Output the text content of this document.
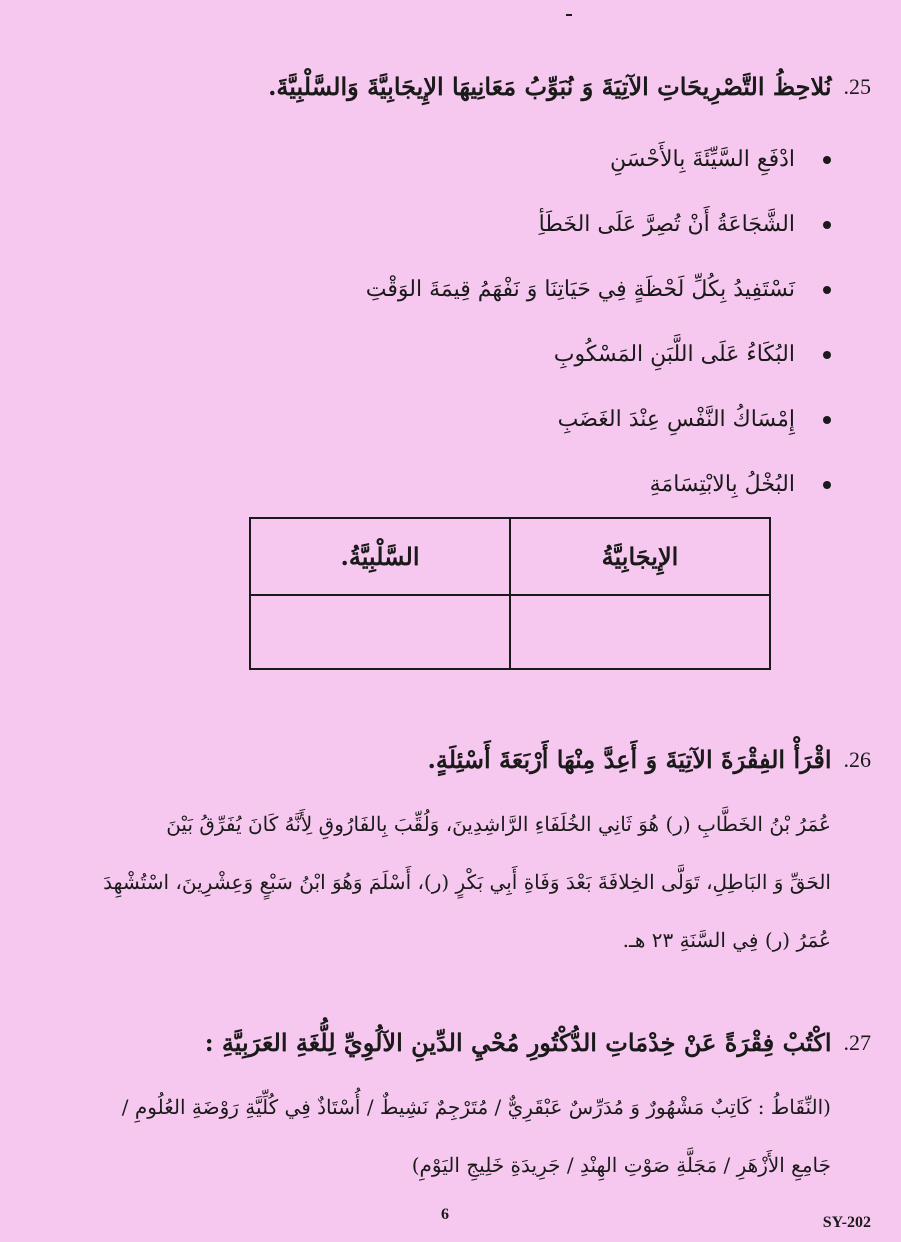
.25
نُلاحِظُ التَّصْرِيحَاتِ الآتِيَةَ وَ نُبَوِّبُ مَعَانِيهَا الإِيجَابِيَّةَ وَالسَّلْبِيَّةَ.
ادْفَعِ السَّيِّئَةَ بِالأَحْسَنِ
الشَّجَاعَةُ أَنْ تُصِرَّ عَلَى الخَطَأِ
نَسْتَفِيدُ بِكُلِّ لَحْظَةٍ فِي حَيَاتِنَا وَ نَفْهَمُ قِيمَةَ الوَقْتِ
البُكَاءُ عَلَى اللَّبَنِ المَسْكُوبِ
إِمْسَاكُ النَّفْسِ عِنْدَ الغَضَبِ
البُخْلُ بِالابْتِسَامَةِ
الإِيجَابِيَّةُ	السَّلْبِيَّةُ.

.26
اقْرَأْ الفِقْرَةَ الآتِيَةَ وَ أَعِدَّ مِنْهَا أَرْبَعَةَ أَسْئِلَةٍ.
عُمَرُ بْنُ الخَطَّابِ (ر) هُوَ ثَانِي الخُلَفَاءِ الرَّاشِدِينَ، وَلُقِّبَ بِالفَارُوقِ لِأَنَّهُ كَانَ يُفَرِّقُ بَيْنَ
الحَقِّ وَ البَاطِلِ، تَوَلَّى الخِلافَةَ بَعْدَ وَفَاةِ أَبِي بَكْرٍ (ر)، أَسْلَمَ وَهُوَ ابْنُ سَبْعٍ وَعِشْرِينَ، اسْتُشْهِدَ
عُمَرُ (ر) فِي السَّنَةِ ٢٣ هـ.
.27
اكْتُبْ فِقْرَةً عَنْ خِدْمَاتِ الدُّكْتُورِ مُحْيِ الدِّينِ الآلُوِيِّ لِلُّغَةِ العَرَبِيَّةِ :
(النِّقَاطُ : كَاتِبٌ مَشْهُورٌ وَ مُدَرِّسٌ عَبْقَرِيٌّ / مُتَرْجِمٌ نَشِيطٌ / أُسْتَاذٌ فِي كُلِّيَّةِ رَوْضَةِ العُلُومِ /
جَامِعِ الأَزْهَرِ / مَجَلَّةِ صَوْتِ الهِنْدِ / جَرِيدَةِ خَلِيجِ اليَوْمِ)
6	SY-202
